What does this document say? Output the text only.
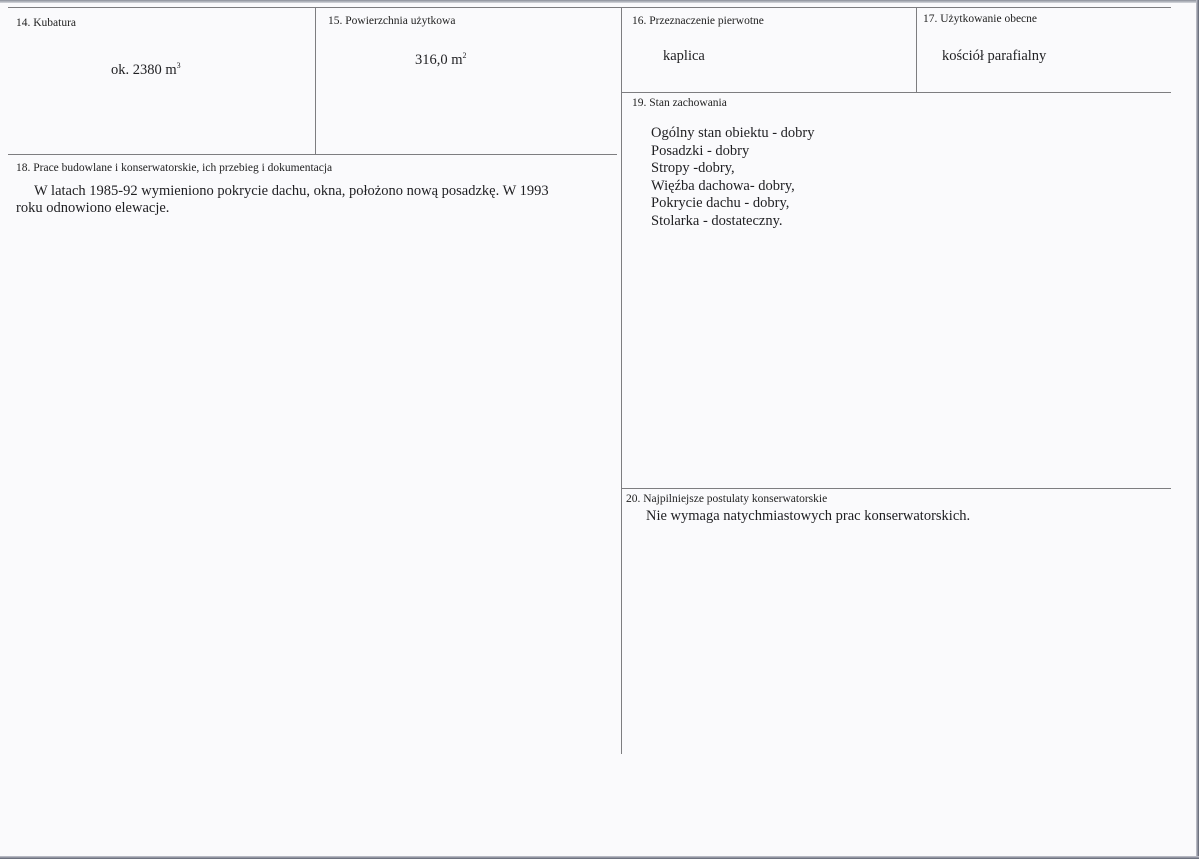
14. Kubatura
ok. 2380 $m^3$
15. Powierzchnia użytkowa
316,0 $m^2$
16. Przeznaczenie pierwotne
kaplica
17. Użytkowanie obecne
kościół parafialny
18. Prace budowlane i konserwatorskie, ich przebieg i dokumentacja
W latach 1985-92 wymieniono pokrycie dachu, okna, położono nową posadzkę. W 1993
roku odnowiono elewacje.
19. Stan zachowania
Ogólny stan obiektu - dobry
Posadzki - dobry
Stropy -dobry,
Więźba dachowa- dobry,
Pokrycie dachu - dobry,
Stolarka - dostateczny.
20. Najpilniejsze postulaty konserwatorskie
Nie wymaga natychmiastowych prac konserwatorskich.
